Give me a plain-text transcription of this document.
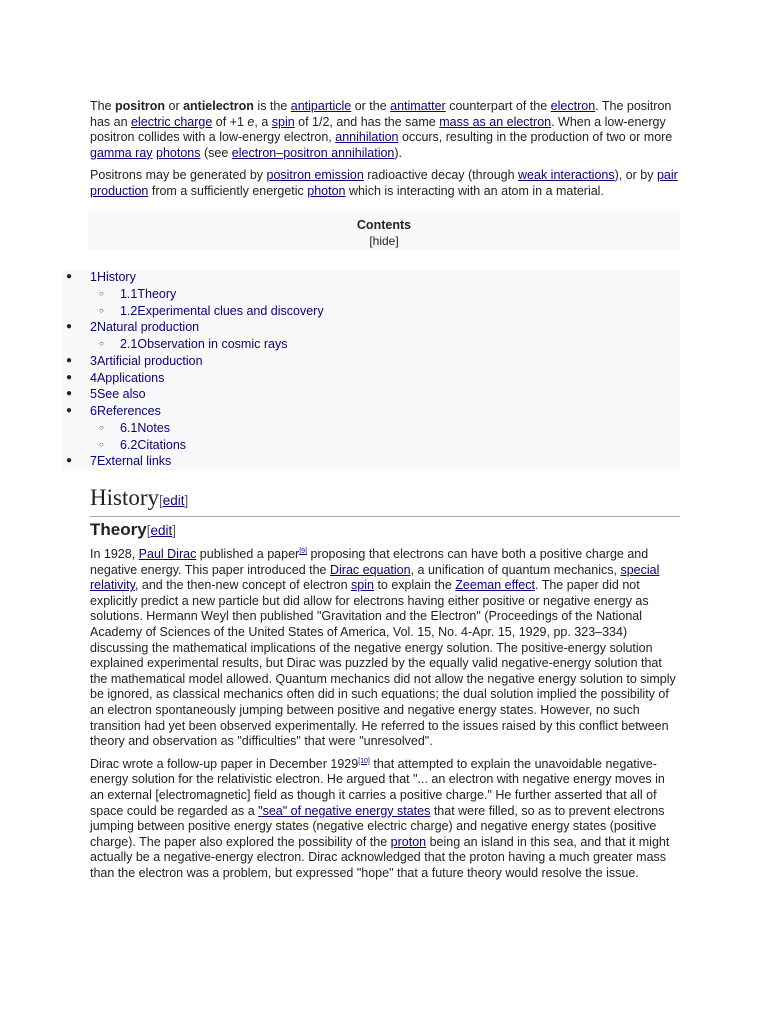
The positron or antielectron is the antiparticle or the antimatter counterpart of the electron. The positron has an electric charge of +1 e, a spin of 1/2, and has the same mass as an electron. When a low-energy positron collides with a low-energy electron, annihilation occurs, resulting in the production of two or more gamma ray photons (see electron–positron annihilation).

Positrons may be generated by positron emission radioactive decay (through weak interactions), or by pair production from a sufficiently energetic photon which is interacting with an atom in a material.

Contents
[hide]
● 1History
○ 1.1Theory
○ 1.2Experimental clues and discovery
● 2Natural production
○ 2.1Observation in cosmic rays
● 3Artificial production
● 4Applications
● 5See also
● 6References
○ 6.1Notes
○ 6.2Citations
● 7External links
History[edit]
Theory[edit]

In 1928, Paul Dirac published a paper[9] proposing that electrons can have both a positive charge and negative energy. This paper introduced the Dirac equation, a unification of quantum mechanics, special relativity, and the then-new concept of electron spin to explain the Zeeman effect. The paper did not explicitly predict a new particle but did allow for electrons having either positive or negative energy as solutions. Hermann Weyl then published "Gravitation and the Electron" (Proceedings of the National Academy of Sciences of the United States of America, Vol. 15, No. 4-Apr. 15, 1929, pp. 323–334) discussing the mathematical implications of the negative energy solution. The positive-energy solution explained experimental results, but Dirac was puzzled by the equally valid negative-energy solution that the mathematical model allowed. Quantum mechanics did not allow the negative energy solution to simply be ignored, as classical mechanics often did in such equations; the dual solution implied the possibility of an electron spontaneously jumping between positive and negative energy states. However, no such transition had yet been observed experimentally. He referred to the issues raised by this conflict between theory and observation as "difficulties" that were "unresolved".

Dirac wrote a follow-up paper in December 1929[10] that attempted to explain the unavoidable negative-energy solution for the relativistic electron. He argued that "... an electron with negative energy moves in an external [electromagnetic] field as though it carries a positive charge." He further asserted that all of space could be regarded as a "sea" of negative energy states that were filled, so as to prevent electrons jumping between positive energy states (negative electric charge) and negative energy states (positive charge). The paper also explored the possibility of the proton being an island in this sea, and that it might actually be a negative-energy electron. Dirac acknowledged that the proton having a much greater mass than the electron was a problem, but expressed "hope" that a future theory would resolve the issue.
